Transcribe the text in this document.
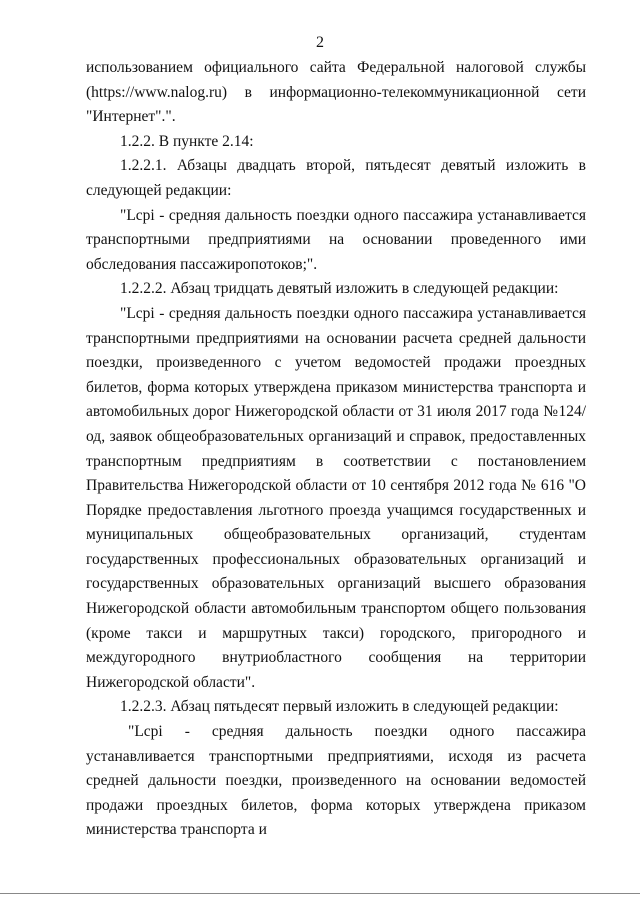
2

использованием официального сайта Федеральной налоговой службы (https://www.nalog.ru) в информационно-телекоммуникационной сети "Интернет".".

1.2.2. В пункте 2.14:

1.2.2.1. Абзацы двадцать второй, пятьдесят девятый изложить в следующей редакции:

"Lcpi - средняя дальность поездки одного пассажира устанавливается транспортными предприятиями на основании проведенного ими обследования пассажиропотоков;".

1.2.2.2. Абзац тридцать девятый изложить в следующей редакции:

"Lcpi - средняя дальность поездки одного пассажира устанавливается транспортными предприятиями на основании расчета средней дальности поездки, произведенного с учетом ведомостей продажи проездных билетов, форма которых утверждена приказом министерства транспорта и автомобильных дорог Нижегородской области от 31 июля 2017 года №124/од, заявок общеобразовательных организаций и справок, предоставленных транспортным предприятиям в соответствии с постановлением Правительства Нижегородской области от 10 сентября 2012 года № 616 "О Порядке предоставления льготного проезда учащимся государственных и муниципальных общеобразовательных организаций, студентам государственных профессиональных образовательных организаций и государственных образовательных организаций высшего образования Нижегородской области автомобильным транспортом общего пользования (кроме такси и маршрутных такси) городского, пригородного и междугородного внутриобластного сообщения на территории Нижегородской области".

1.2.2.3. Абзац пятьдесят первый изложить в следующей редакции:

"Lcpi - средняя дальность поездки одного пассажира устанавливается транспортными предприятиями, исходя из расчета средней дальности поездки, произведенного на основании ведомостей продажи проездных билетов, форма которых утверждена приказом министерства транспорта и
